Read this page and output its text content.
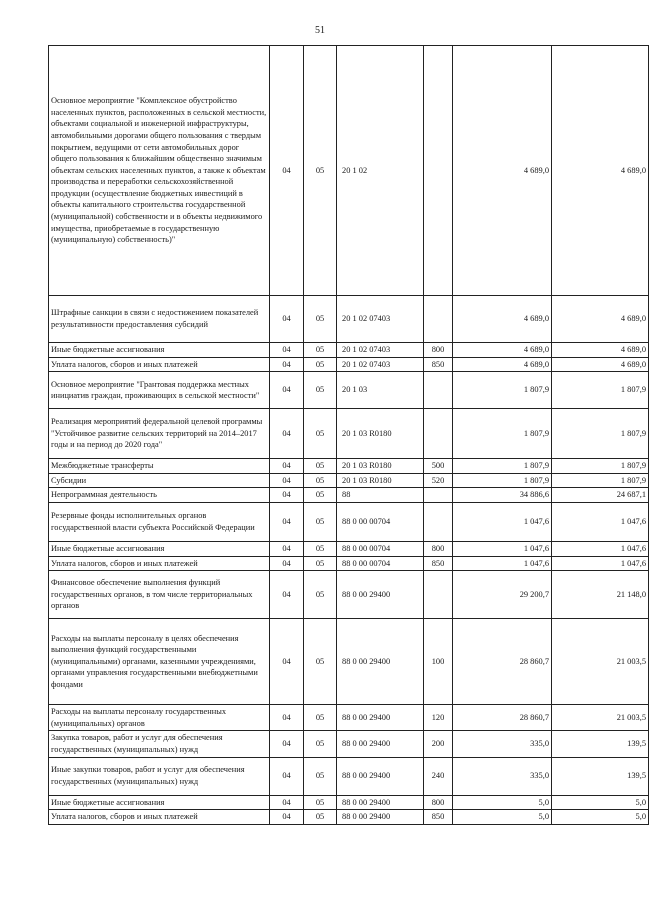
51
Основное мероприятие "Комплексное обустройство населенных пунктов, расположенных в сельской местности, объектами социальной и инженерной инфраструктуры, автомобильными дорогами общего пользования с твердым покрытием, ведущими от сети автомобильных дорог общего пользования к ближайшим общественно значимым объектам сельских населенных пунктов, а также к объектам производства и переработки сельскохозяйственной продукции (осуществление бюджетных инвестиций в объекты капитального строительства государственной (муниципальной) собственности и в объекты недвижимого имущества, приобретаемые в государственную (муниципальную) собственность)"	04	05	20 1 02		4 689,0	4 689,0
Штрафные санкции в связи с недостижением показателей результативности предоставления субсидий	04	05	20 1 02 07403		4 689,0	4 689,0
Иные бюджетные ассигнования	04	05	20 1 02 07403	800	4 689,0	4 689,0
Уплата налогов, сборов и иных платежей	04	05	20 1 02 07403	850	4 689,0	4 689,0
Основное мероприятие "Грантовая поддержка местных инициатив граждан, проживающих в сельской местности"	04	05	20 1 03		1 807,9	1 807,9
Реализация мероприятий федеральной целевой программы "Устойчивое развитие сельских территорий на 2014–2017 годы и на период до 2020 года"	04	05	20 1 03 R0180		1 807,9	1 807,9
Межбюджетные трансферты	04	05	20 1 03 R0180	500	1 807,9	1 807,9
Субсидии	04	05	20 1 03 R0180	520	1 807,9	1 807,9
Непрограммная деятельность	04	05	88		34 886,6	24 687,1
Резервные фонды исполнительных органов государственной власти субъекта Российской Федерации	04	05	88 0 00 00704		1 047,6	1 047,6
Иные бюджетные ассигнования	04	05	88 0 00 00704	800	1 047,6	1 047,6
Уплата налогов, сборов и иных платежей	04	05	88 0 00 00704	850	1 047,6	1 047,6
Финансовое обеспечение выполнения функций государственных органов, в том числе территориальных органов	04	05	88 0 00 29400		29 200,7	21 148,0
Расходы на выплаты персоналу в целях обеспечения выполнения функций государственными (муниципальными) органами, казенными учреждениями, органами управления государственными внебюджетными фондами	04	05	88 0 00 29400	100	28 860,7	21 003,5
Расходы на выплаты персоналу государственных (муниципальных) органов	04	05	88 0 00 29400	120	28 860,7	21 003,5
Закупка товаров, работ и услуг для обеспечения государственных (муниципальных) нужд	04	05	88 0 00 29400	200	335,0	139,5
Иные закупки товаров, работ и услуг для обеспечения государственных (муниципальных) нужд	04	05	88 0 00 29400	240	335,0	139,5
Иные бюджетные ассигнования	04	05	88 0 00 29400	800	5,0	5,0
Уплата налогов, сборов и иных платежей	04	05	88 0 00 29400	850	5,0	5,0
